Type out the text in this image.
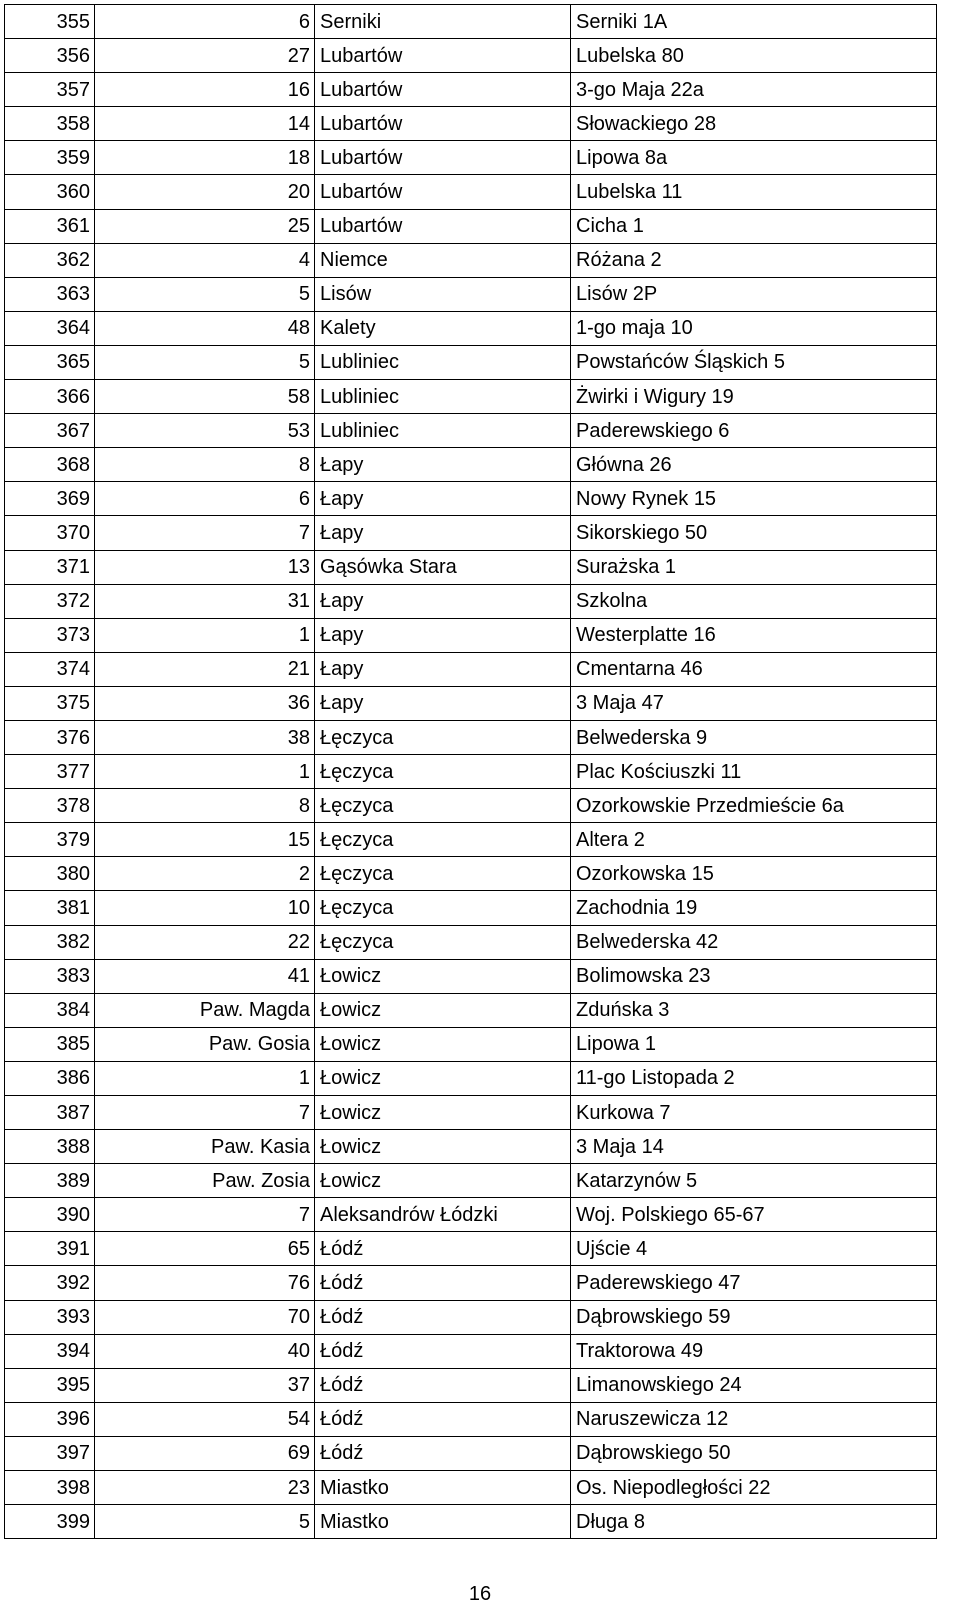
355	6	Serniki	Serniki 1A
356	27	Lubartów	Lubelska 80
357	16	Lubartów	3-go Maja 22a
358	14	Lubartów	Słowackiego 28
359	18	Lubartów	Lipowa 8a
360	20	Lubartów	Lubelska 11
361	25	Lubartów	Cicha 1
362	4	Niemce	Różana 2
363	5	Lisów	Lisów 2P
364	48	Kalety	1-go maja 10
365	5	Lubliniec	Powstańców Śląskich 5
366	58	Lubliniec	Żwirki i Wigury 19
367	53	Lubliniec	Paderewskiego 6
368	8	Łapy	Główna 26
369	6	Łapy	Nowy Rynek 15
370	7	Łapy	Sikorskiego 50
371	13	Gąsówka Stara	Surażska 1
372	31	Łapy	Szkolna
373	1	Łapy	Westerplatte 16
374	21	Łapy	Cmentarna 46
375	36	Łapy	3 Maja 47
376	38	Łęczyca	Belwederska 9
377	1	Łęczyca	Plac Kościuszki 11
378	8	Łęczyca	Ozorkowskie Przedmieście 6a
379	15	Łęczyca	Altera 2
380	2	Łęczyca	Ozorkowska 15
381	10	Łęczyca	Zachodnia 19
382	22	Łęczyca	Belwederska 42
383	41	Łowicz	Bolimowska 23
384	Paw. Magda	Łowicz	Zduńska 3
385	Paw. Gosia	Łowicz	Lipowa 1
386	1	Łowicz	11-go Listopada 2
387	7	Łowicz	Kurkowa 7
388	Paw. Kasia	Łowicz	3 Maja 14
389	Paw. Zosia	Łowicz	Katarzynów 5
390	7	Aleksandrów Łódzki	Woj. Polskiego 65-67
391	65	Łódź	Ujście 4
392	76	Łódź	Paderewskiego 47
393	70	Łódź	Dąbrowskiego 59
394	40	Łódź	Traktorowa 49
395	37	Łódź	Limanowskiego 24
396	54	Łódź	Naruszewicza 12
397	69	Łódź	Dąbrowskiego 50
398	23	Miastko	Os. Niepodległości 22
399	5	Miastko	Długa 8
16
